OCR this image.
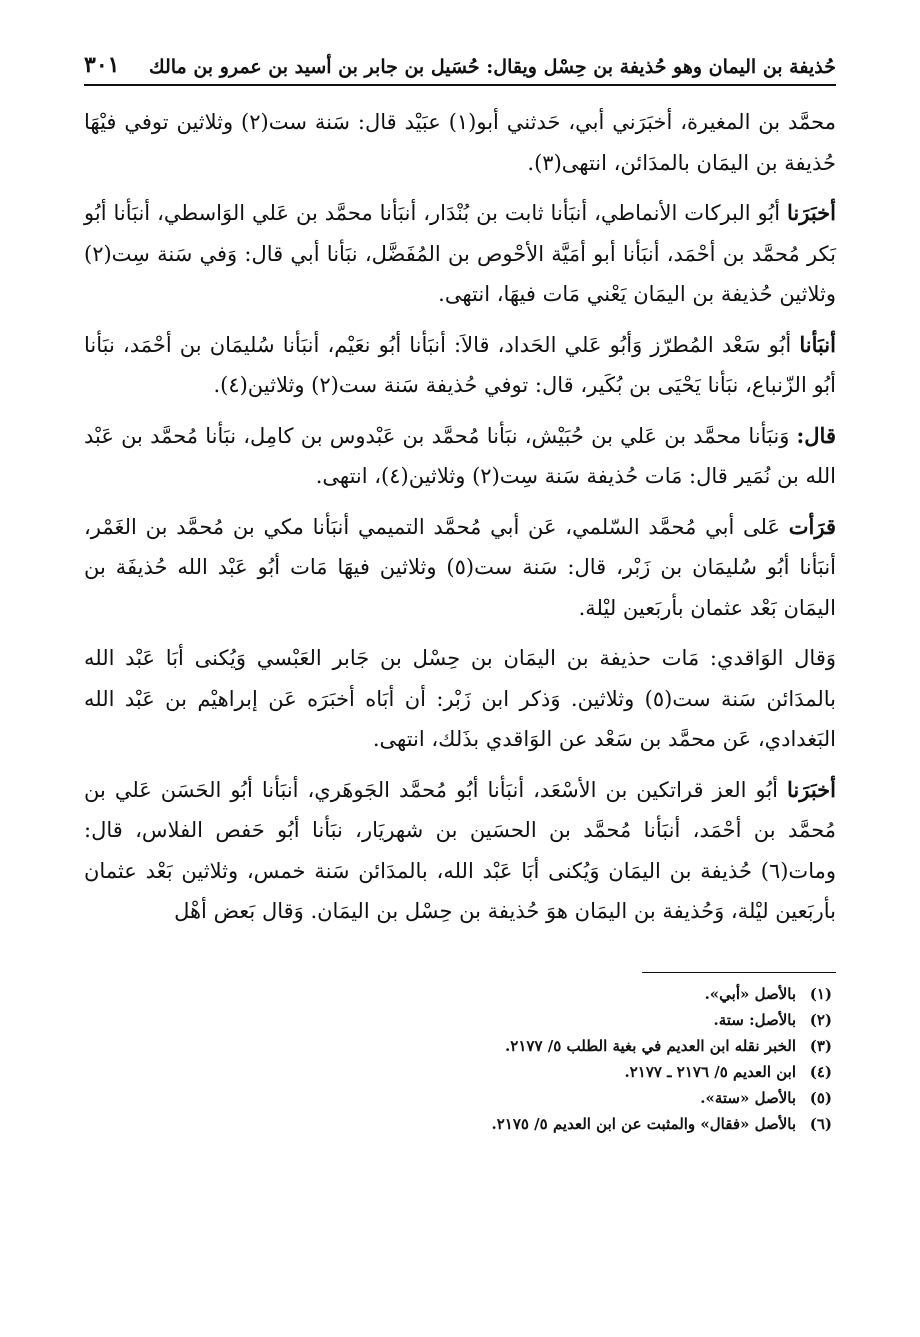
حُذيفة بن اليمان وهو حُذيفة بن حِسْل ويقال: حُسَيل بن جابر بن أسيد بن عمرو بن مالك
٣٠١

محمَّد بن المغيرة، أخبَرَني أبي، حَدثني أبو(١) عبَيْد قال: سَنة ست(٢) وثلاثين توفي فيْهَا حُذيفة بن اليمَان بالمدَائن، انتهى(٣).

أخبَرَنا أبُو البركات الأنماطي، أنبَأنا ثابت بن بُنْدَار، أنبَأنا محمَّد بن عَلي الوَاسطي، أنبَأنا أبُو بَكر مُحمَّد بن أحْمَد، أنبَأنا أبو أمَيَّة الأحْوص بن المُفَضَّل، نبَأنا أبي قال: وَفي سَنة سِت(٢) وثلاثين حُذيفة بن اليمَان يَعْني مَات فيهَا، انتهى.

أنبَأنا أبُو سَعْد المُطرّز وَأبُو عَلي الحَداد، قالاَ: أنبَأنا أبُو نعَيْم، أنبَأنا سُليمَان بن أحْمَد، نبَأنا أبُو الزّنباع، نبَأنا يَحْيَى بن بُكَير، قال: توفي حُذيفة سَنة ست(٢) وثلاثين(٤).

قال: وَنبَأنا محمَّد بن عَلي بن حُبَيْش، نبَأنا مُحمَّد بن عَبْدوس بن كامِل، نبَأنا مُحمَّد بن عَبْد الله بن نُمَير قال: مَات حُذيفة سَنة سِت(٢) وثلاثين(٤)، انتهى.

قرَأت عَلى أبي مُحمَّد السّلمي، عَن أبي مُحمَّد التميمي أنبَأنا مكي بن مُحمَّد بن الغَمْر، أنبَأنا أبُو سُليمَان بن زَبْر، قال: سَنة ست(٥) وثلاثين فيهَا مَات أبُو عَبْد الله حُذيفَة بن اليمَان بَعْد عثمان بأربَعين ليْلة.

وَقال الوَاقدي: مَات حذيفة بن اليمَان بن حِسْل بن جَابر العَبْسي وَيُكنى أبَا عَبْد الله بالمدَائن سَنة ست(٥) وثلاثين. وَذكر ابن زَبْر: أن أبَاه أخبَرَه عَن إبراهيْم بن عَبْد الله البَغدادي، عَن محمَّد بن سَعْد عن الوَاقدي بذَلك، انتهى.

أخبَرَنا أبُو العز قراتكين بن الأسْعَد، أنبَأنا أبُو مُحمَّد الجَوهَري، أنبَأنا أبُو الحَسَن عَلي بن مُحمَّد بن أحْمَد، أنبَأنا مُحمَّد بن الحسَين بن شهريَار، نبَأنا أبُو حَفص الفلاس، قال: ومات(٦) حُذيفة بن اليمَان وَيُكنى أبَا عَبْد الله، بالمدَائن سَنة خمس، وثلاثين بَعْد عثمان بأربَعين ليْلة، وَحُذيفة بن اليمَان هوَ حُذيفة بن حِسْل بن اليمَان. وَقال بَعض أهْل

(١)
بالأصل «أبي».
(٢)
بالأصل: ستة.
(٣)
الخبر نقله ابن العديم في بغية الطلب ٥/ ٢١٧٧.
(٤)
ابن العديم ٥/ ٢١٧٦ ـ ٢١٧٧.
(٥)
بالأصل «ستة».
(٦)
بالأصل «فقال» والمثبت عن ابن العديم ٥/ ٢١٧٥.
